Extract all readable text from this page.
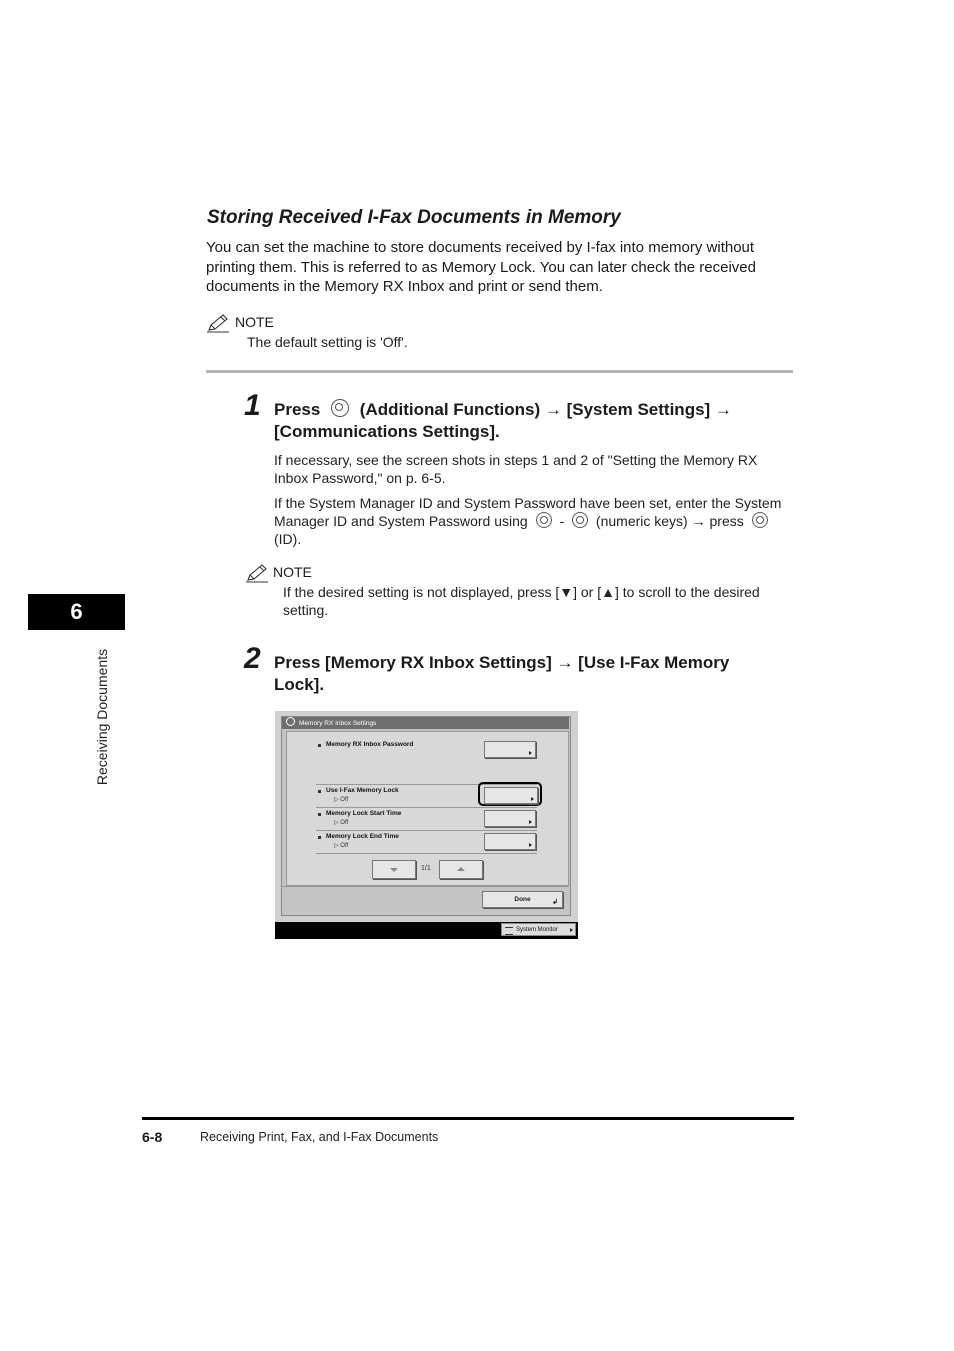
6
Receiving Documents
Storing Received I-Fax Documents in Memory
You can set the machine to store documents received by I-fax into memory without
printing them. This is referred to as Memory Lock. You can later check the received
documents in the Memory RX Inbox and print or send them.
NOTE
The default setting is 'Off'.
1 Press (Additional Functions) → [System Settings] →
[Communications Settings].
If necessary, see the screen shots in steps 1 and 2 of "Setting the Memory RX
Inbox Password," on p. 6-5.
If the System Manager ID and System Password have been set, enter the System
Manager ID and System Password using - (numeric keys) → press
(ID).
NOTE
If the desired setting is not displayed, press [▼] or [▲] to scroll to the desired
setting.
2 Press [Memory RX Inbox Settings] → [Use I-Fax Memory
Lock].
Memory RX Inbox Settings
Memory RX Inbox Password
Use I-Fax Memory Lock
▷ Off
Memory Lock Start Time
▷ Off
Memory Lock End Time
▷ Off
1/1
Done	↲
System Monitor
6-8	Receiving Print, Fax, and I-Fax Documents
